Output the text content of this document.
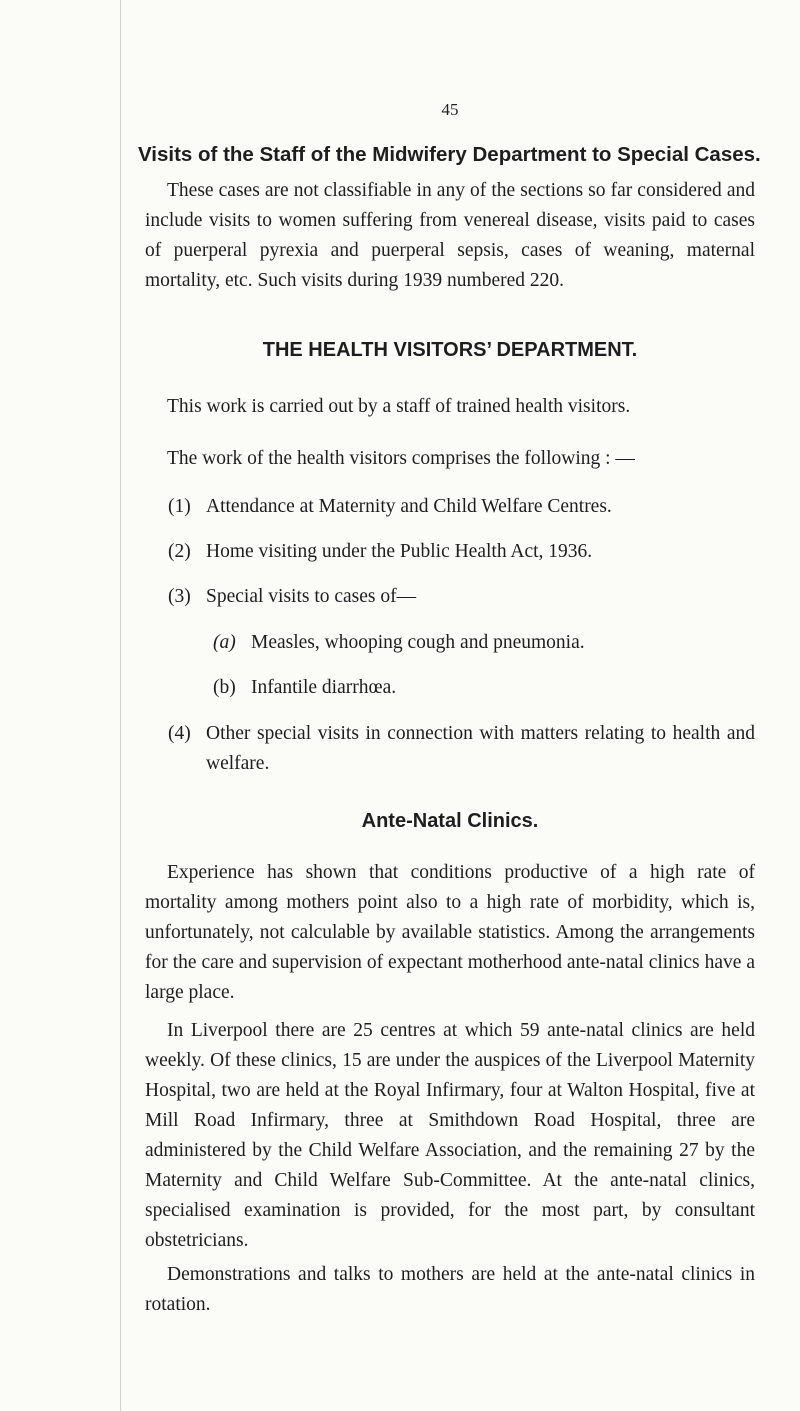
45
Visits of the Staff of the Midwifery Department to Special Cases.

These cases are not classifiable in any of the sections so far considered and include visits to women suffering from venereal disease, visits paid to cases of puerperal pyrexia and puerperal sepsis, cases of weaning, maternal mortality, etc. Such visits during 1939 numbered 220.

THE HEALTH VISITORS’ DEPARTMENT.

This work is carried out by a staff of trained health visitors.

The work of the health visitors comprises the following : —

(1) Attendance at Maternity and Child Welfare Centres.
(2) Home visiting under the Public Health Act, 1936.
(3) Special visits to cases of—
(a) Measles, whooping cough and pneumonia.
(b) Infantile diarrhœa.
(4) Other special visits in connection with matters relating to health and welfare.
Ante-Natal Clinics.

Experience has shown that conditions productive of a high rate of mortality among mothers point also to a high rate of morbidity, which is, unfortunately, not calculable by available statistics. Among the arrangements for the care and supervision of expectant motherhood ante-natal clinics have a large place.

In Liverpool there are 25 centres at which 59 ante-natal clinics are held weekly. Of these clinics, 15 are under the auspices of the Liverpool Maternity Hospital, two are held at the Royal Infirmary, four at Walton Hospital, five at Mill Road Infirmary, three at Smithdown Road Hospital, three are administered by the Child Welfare Association, and the remaining 27 by the Maternity and Child Welfare Sub-Committee. At the ante-natal clinics, specialised examination is provided, for the most part, by consultant obstetricians.

Demonstrations and talks to mothers are held at the ante-natal clinics in rotation.
